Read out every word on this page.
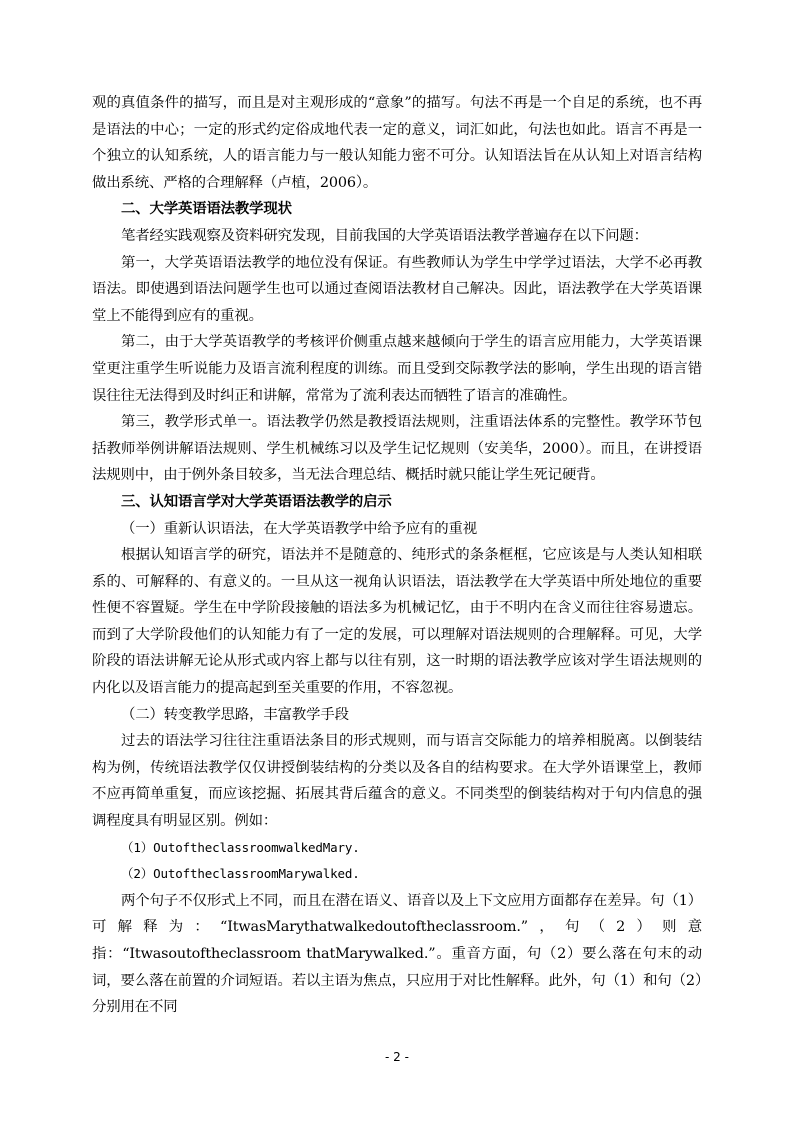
观的真值条件的描写，而且是对主观形成的“意象”的描写。句法不再是一个自足的系统，也不再是语法的中心；一定的形式约定俗成地代表一定的意义，词汇如此，句法也如此。语言不再是一个独立的认知系统，人的语言能力与一般认知能力密不可分。认知语法旨在从认知上对语言结构做出系统、严格的合理解释（卢植，2006）。

二、大学英语语法教学现状

笔者经实践观察及资料研究发现，目前我国的大学英语语法教学普遍存在以下问题：

第一，大学英语语法教学的地位没有保证。有些教师认为学生中学学过语法，大学不必再教语法。即使遇到语法问题学生也可以通过查阅语法教材自己解决。因此，语法教学在大学英语课堂上不能得到应有的重视。

第二，由于大学英语教学的考核评价侧重点越来越倾向于学生的语言应用能力，大学英语课堂更注重学生听说能力及语言流利程度的训练。而且受到交际教学法的影响，学生出现的语言错误往往无法得到及时纠正和讲解，常常为了流利表达而牺牲了语言的准确性。

第三，教学形式单一。语法教学仍然是教授语法规则，注重语法体系的完整性。教学环节包括教师举例讲解语法规则、学生机械练习以及学生记忆规则（安美华，2000）。而且，在讲授语法规则中，由于例外条目较多，当无法合理总结、概括时就只能让学生死记硬背。

三、认知语言学对大学英语语法教学的启示

（一）重新认识语法，在大学英语教学中给予应有的重视

根据认知语言学的研究，语法并不是随意的、纯形式的条条框框，它应该是与人类认知相联系的、可解释的、有意义的。一旦从这一视角认识语法，语法教学在大学英语中所处地位的重要性便不容置疑。学生在中学阶段接触的语法多为机械记忆，由于不明内在含义而往往容易遗忘。而到了大学阶段他们的认知能力有了一定的发展，可以理解对语法规则的合理解释。可见，大学阶段的语法讲解无论从形式或内容上都与以往有别，这一时期的语法教学应该对学生语法规则的内化以及语言能力的提高起到至关重要的作用，不容忽视。

（二）转变教学思路，丰富教学手段

过去的语法学习往往注重语法条目的形式规则，而与语言交际能力的培养相脱离。以倒装结构为例，传统语法教学仅仅讲授倒装结构的分类以及各自的结构要求。在大学外语课堂上，教师不应再简单重复，而应该挖掘、拓展其背后蕴含的意义。不同类型的倒装结构对于句内信息的强调程度具有明显区别。例如：

（1）OutoftheclassroomwalkedMary.

（2）OutoftheclassroomMarywalked.

两个句子不仅形式上不同，而且在潜在语义、语音以及上下文应用方面都存在差异。句（1）可解释为：“ItwasMarythatwalkedoutoftheclassroom.”，句（2）则意指：“Itwasoutoftheclassroom thatMarywalked.”。重音方面，句（2）要么落在句末的动词，要么落在前置的介词短语。若以主语为焦点，只应用于对比性解释。此外，句（1）和句（2）分别用在不同

- 2 -
